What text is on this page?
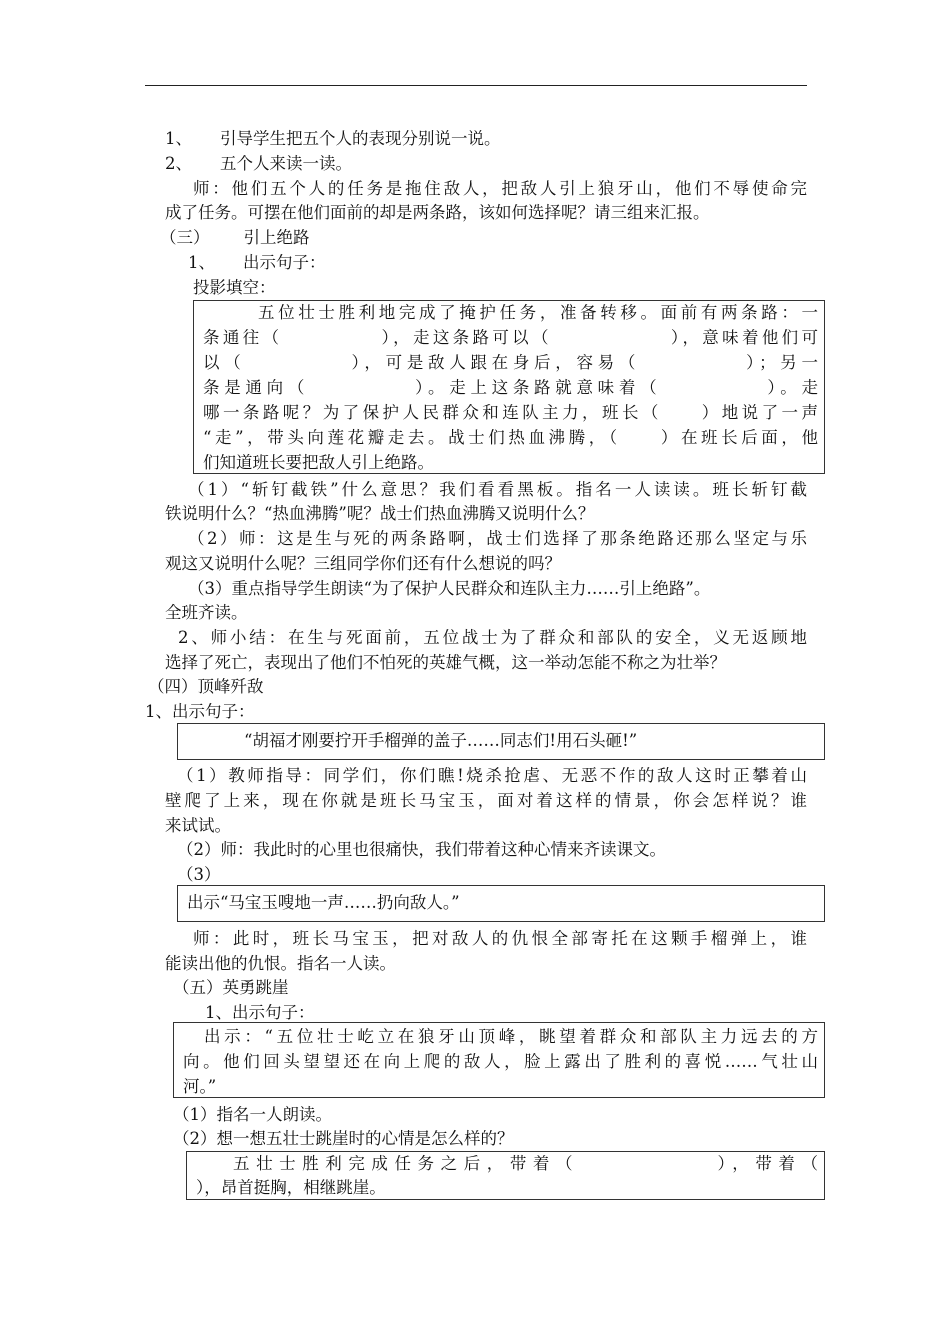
1、 引导学生把五个人的表现分别说一说。
2、 五个人来读一读。
师：他们五个人的任务是拖住敌人，把敌人引上狼牙山，他们不辱使命完
成了任务。可摆在他们面前的却是两条路，该如何选择呢？请三组来汇报。
（三） 引上绝路
1、 出示句子：
投影填空：
五位壮士胜利地完成了掩护任务，准备转移。面前有两条路：一
条通往（　　　　　），走这条路可以（　　　　　　），意味着他们可
以（　　　　　），可是敌人跟在身后，容易（　　　　　）；另一
条是通向（　　　　　）。走上这条路就意味着（　　　　　）。走
哪一条路呢？为了保护人民群众和连队主力，班长（　　）地说了一声
“走”，带头向莲花瓣走去。战士们热血沸腾，（　　）在班长后面，他
们知道班长要把敌人引上绝路。
（1）“斩钉截铁”什么意思？我们看看黑板。指名一人读读。班长斩钉截
铁说明什么？“热血沸腾”呢？战士们热血沸腾又说明什么？
（2）师：这是生与死的两条路啊，战士们选择了那条绝路还那么坚定与乐
观这又说明什么呢？三组同学你们还有什么想说的吗？
（3）重点指导学生朗读“为了保护人民群众和连队主力……引上绝路”。
全班齐读。
2、师小结：在生与死面前，五位战士为了群众和部队的安全，义无返顾地
选择了死亡，表现出了他们不怕死的英雄气概，这一举动怎能不称之为壮举？
（四）顶峰歼敌
1、出示句子：
“胡福才刚要拧开手榴弹的盖子……同志们!用石头砸!”
（1）教师指导：同学们，你们瞧!烧杀抢虐、无恶不作的敌人这时正攀着山
壁爬了上来，现在你就是班长马宝玉，面对着这样的情景，你会怎样说？谁
来试试。
（2）师：我此时的心里也很痛快，我们带着这种心情来齐读课文。
（3）
出示“马宝玉嗖地一声……扔向敌人。”
师：此时，班长马宝玉，把对敌人的仇恨全部寄托在这颗手榴弹上，谁
能读出他的仇恨。指名一人读。
（五）英勇跳崖
1、出示句子：
出示：“五位壮士屹立在狼牙山顶峰，眺望着群众和部队主力远去的方
向。他们回头望望还在向上爬的敌人，脸上露出了胜利的喜悦……气壮山
河。”
（1）指名一人朗读。
（2）想一想五壮士跳崖时的心情是怎么样的？
五壮士胜利完成任务之后，带着（　　　　　　），带着（
），昂首挺胸，相继跳崖。
